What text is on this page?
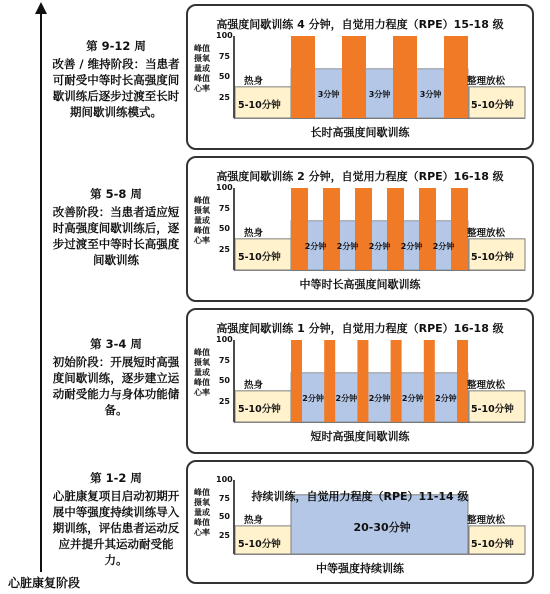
心脏康复阶段
第 9-12 周
改善 / 维持阶段：当患者可耐受中等时长高强度间歇训练后逐步过渡至长时期间歇训练模式。
高强度间歇训练 4 分钟，自觉用力程度（RPE）15-18 级
100
75
50
25
峰值
摄氧
量或
峰值
心率
热身
5-10分钟
整理放松
5-10分钟
3分钟	3分钟	3分钟
长时高强度间歇训练
第 5-8 周
改善阶段：当患者适应短时高强度间歇训练后，逐步过渡至中等时长高强度间歇训练
高强度间歇训练 2 分钟，自觉用力程度（RPE）16-18 级
100
75
50
25
峰值
摄氧
量或
峰值
心率
热身
5-10分钟
整理放松
5-10分钟
2分钟	2分钟	2分钟	2分钟	2分钟
中等时长高强度间歇训练
第 3-4 周
初始阶段：开展短时高强度间歇训练，逐步建立运动耐受能力与身体功能储备。
高强度间歇训练 1 分钟，自觉用力程度（RPE）16-18 级
100
75
50
25
峰值
摄氧
量或
峰值
心率
热身
5-10分钟
整理放松
5-10分钟
2分钟	2分钟	2分钟	2分钟	2分钟
短时高强度间歇训练
第 1-2 周
心脏康复项目启动初期开展中等强度持续训练导入期训练，评估患者运动反应并提升其运动耐受能力。
持续训练，自觉用力程度（RPE）11-14 级
100
75
50
25
峰值
摄氧
量或
峰值
心率
热身
5-10分钟
整理放松
5-10分钟
20-30分钟
中等强度持续训练
